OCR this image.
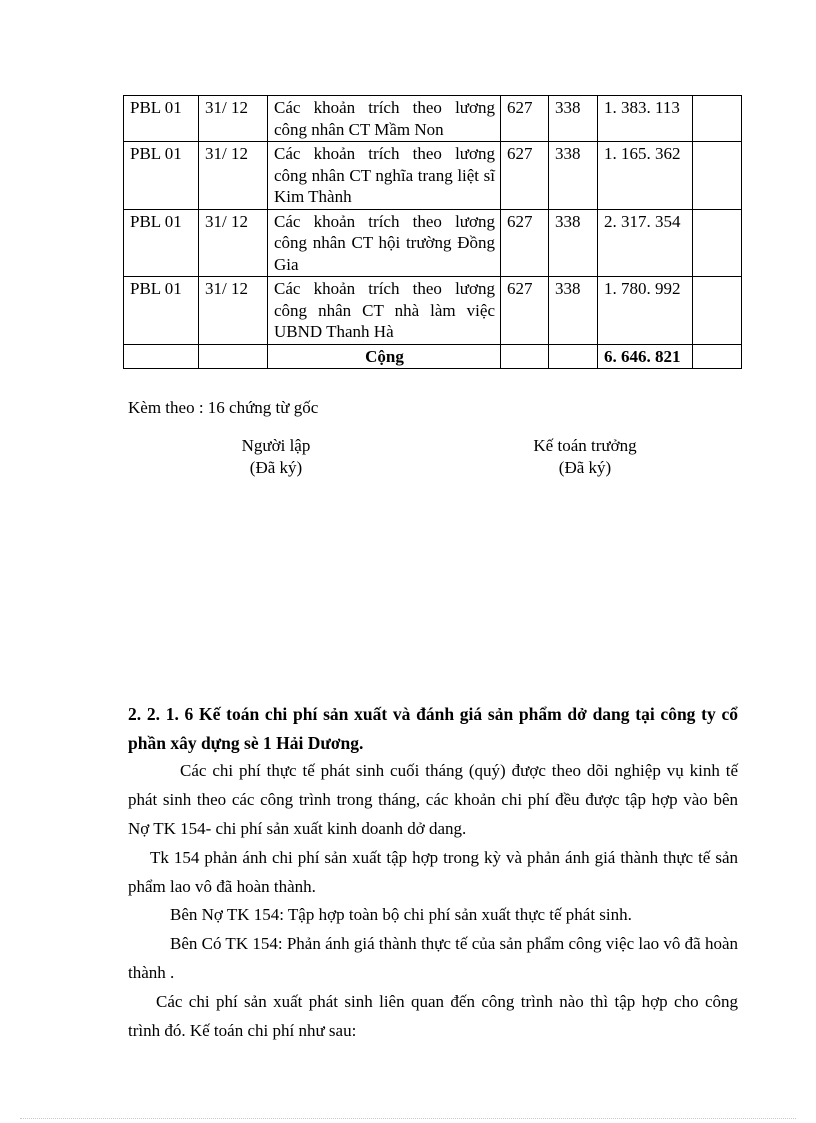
PBL 01	31/ 12	Các khoản trích theo lương công nhân CT Mầm Non	627	338	1. 383. 113	
PBL 01	31/ 12	Các khoản trích theo lương công nhân CT nghĩa trang liệt sĩ Kim Thành	627	338	1. 165. 362	
PBL 01	31/ 12	Các khoản trích theo lương công nhân CT hội trường Đồng Gia	627	338	2. 317. 354	
PBL 01	31/ 12	Các khoản trích theo lương công nhân CT nhà làm việc UBND Thanh Hà	627	338	1. 780. 992	
		Cộng			6. 646. 821	
Kèm theo : 16 chứng từ gốc
Người lập
(Đã ký)
Kế toán trưởng
(Đã ký)
2. 2. 1. 6 Kế toán chi phí sản xuất và đánh giá sản phẩm dở dang tại công ty cổ phần xây dựng sè 1 Hải Dương.
Các chi phí thực tế phát sinh cuối tháng (quý) được theo dõi nghiệp vụ kinh tế phát sinh theo các công trình trong tháng, các khoản chi phí đều được tập hợp vào bên Nợ TK 154- chi phí sản xuất kinh doanh dở dang.
Tk 154 phản ánh chi phí sản xuất tập hợp trong kỳ và phản ánh giá thành thực tế sản phẩm lao vô đã hoàn thành.
Bên Nợ TK 154: Tập hợp toàn bộ chi phí sản xuất thực tế phát sinh.
Bên Có TK 154: Phản ánh giá thành thực tế của sản phẩm công việc lao vô đã hoàn thành .
Các chi phí sản xuất phát sinh liên quan đến công trình nào thì tập hợp cho công trình đó. Kế toán chi phí như sau:
